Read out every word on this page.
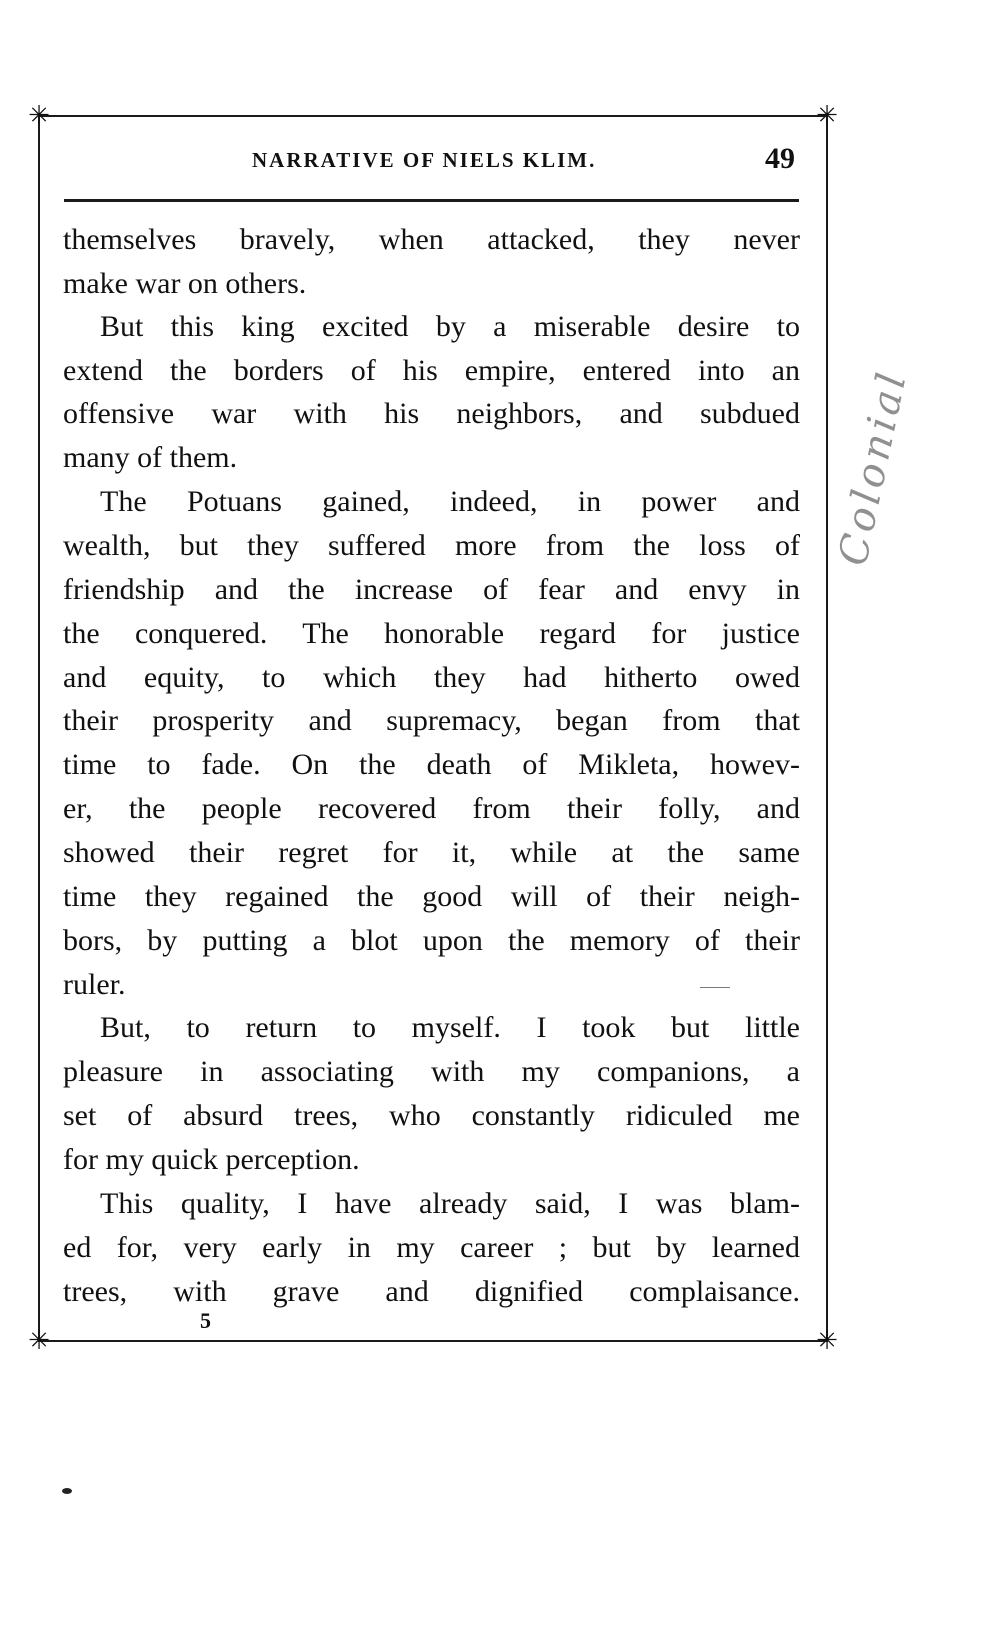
✳	✳
✳	✳
NARRATIVE OF NIELS KLIM.	49
themselves bravely, when attacked, they never
make war on others.
But this king excited by a miserable desire to
extend the borders of his empire, entered into an
offensive war with his neighbors, and subdued
many of them.
The Potuans gained, indeed, in power and
wealth, but they suffered more from the loss of
friendship and the increase of fear and envy in
the conquered. The honorable regard for justice
and equity, to which they had hitherto owed
their prosperity and supremacy, began from that
time to fade. On the death of Mikleta, howev-
er, the people recovered from their folly, and
showed their regret for it, while at the same
time they regained the good will of their neigh-
bors, by putting a blot upon the memory of their
ruler.
But, to return to myself. I took but little
pleasure in associating with my companions, a
set of absurd trees, who constantly ridiculed me
for my quick perception.
This quality, I have already said, I was blam-
ed for, very early in my career ; but by learned
trees, with grave and dignified complaisance.
5
Colonial
